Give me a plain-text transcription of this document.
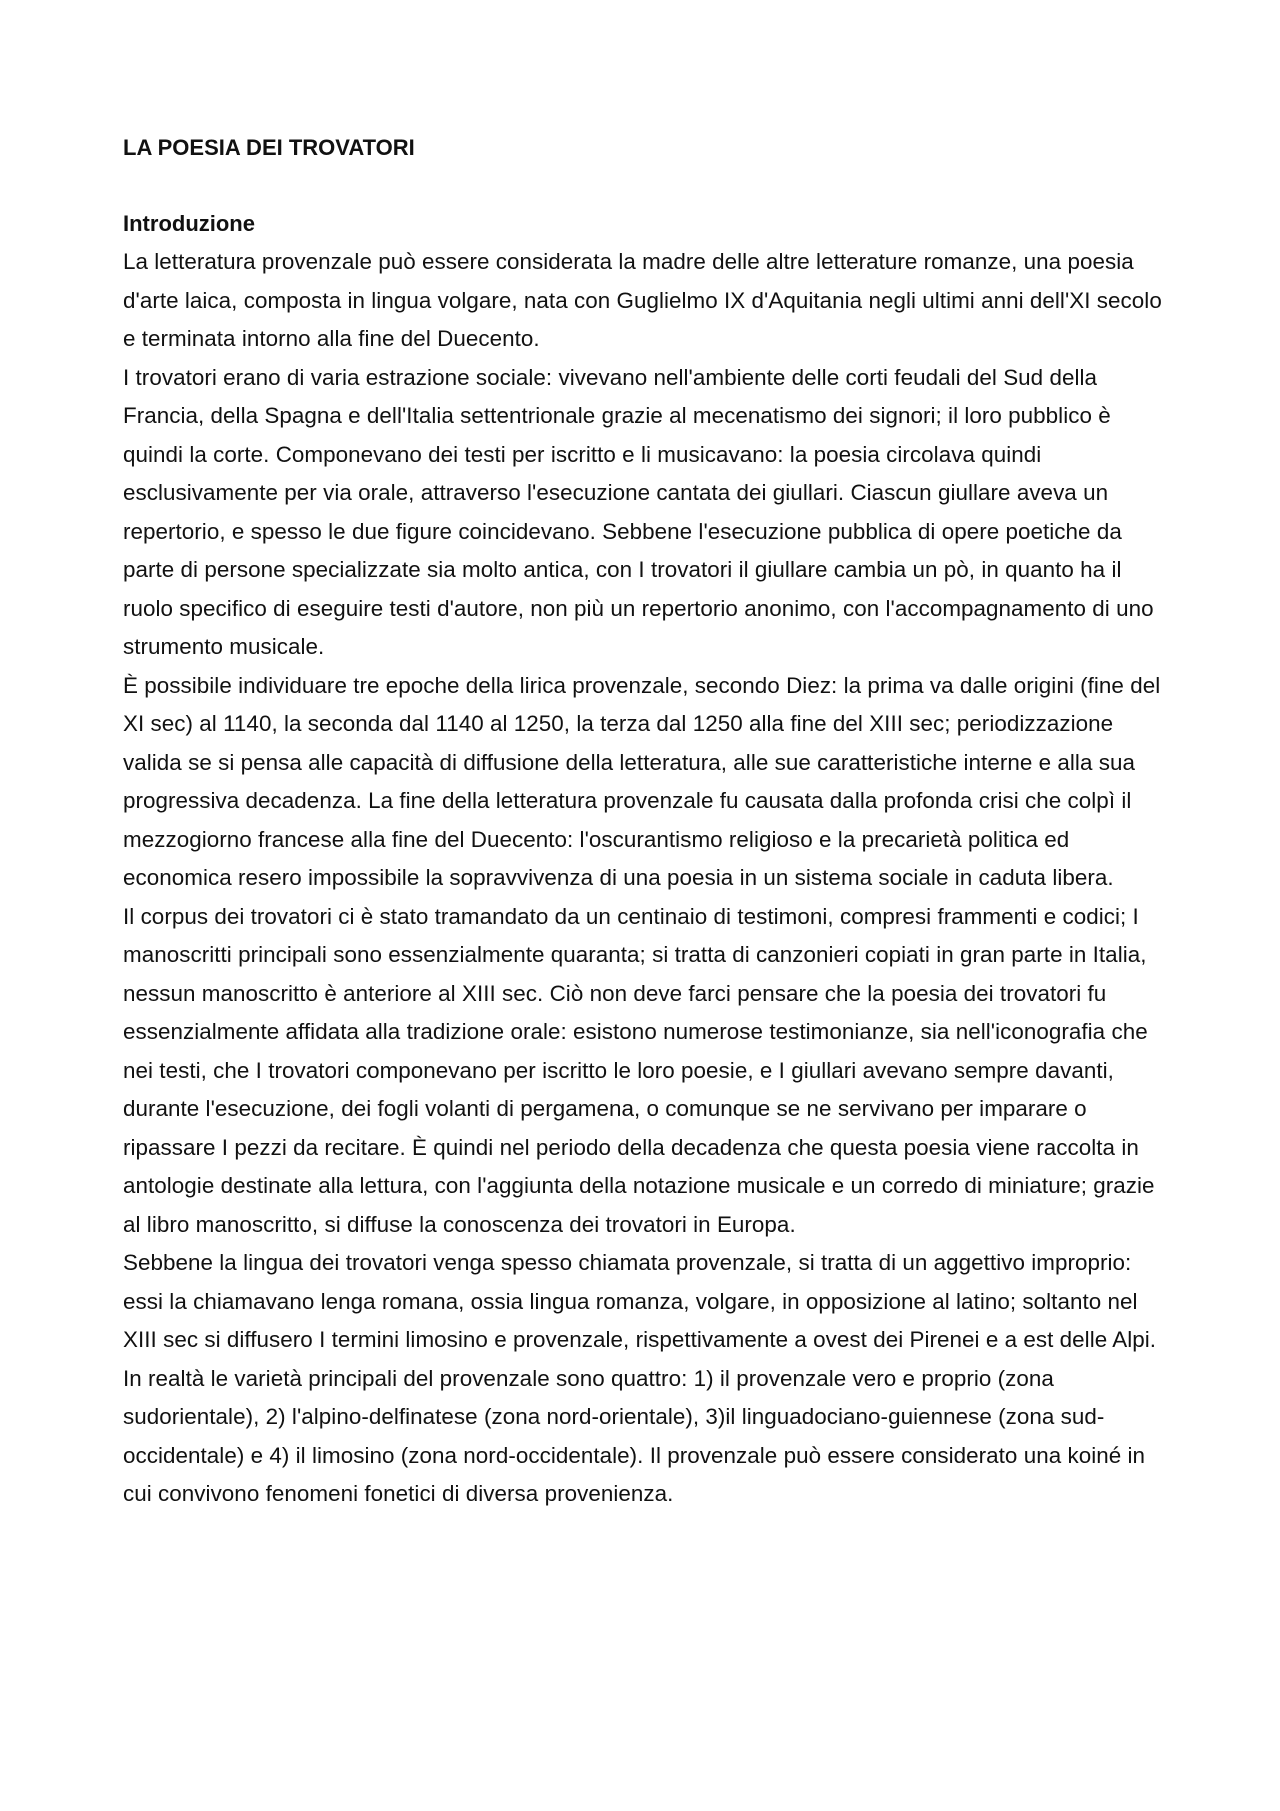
LA POESIA DEI TROVATORI
Introduzione

La letteratura provenzale può essere considerata la madre delle altre letterature romanze, una poesia d'arte laica, composta in lingua volgare, nata con Guglielmo IX d'Aquitania negli ultimi anni dell'XI secolo e terminata intorno alla fine del Duecento.

I trovatori erano di varia estrazione sociale: vivevano nell'ambiente delle corti feudali del Sud della Francia, della Spagna e dell'Italia settentrionale grazie al mecenatismo dei signori; il loro pubblico è quindi la corte. Componevano dei testi per iscritto e li musicavano: la poesia circolava quindi esclusivamente per via orale, attraverso l'esecuzione cantata dei giullari. Ciascun giullare aveva un repertorio, e spesso le due figure coincidevano. Sebbene l'esecuzione pubblica di opere poetiche da parte di persone specializzate sia molto antica, con I trovatori il giullare cambia un pò, in quanto ha il ruolo specifico di eseguire testi d'autore, non più un repertorio anonimo, con l'accompagnamento di uno strumento musicale.

È possibile individuare tre epoche della lirica provenzale, secondo Diez: la prima va dalle origini (fine del XI sec) al 1140, la seconda dal 1140 al 1250, la terza dal 1250 alla fine del XIII sec; periodizzazione valida se si pensa alle capacità di diffusione della letteratura, alle sue caratteristiche interne e alla sua progressiva decadenza. La fine della letteratura provenzale fu causata dalla profonda crisi che colpì il mezzogiorno francese alla fine del Duecento: l'oscurantismo religioso e la precarietà politica ed economica resero impossibile la sopravvivenza di una poesia in un sistema sociale in caduta libera.

Il corpus dei trovatori ci è stato tramandato da un centinaio di testimoni, compresi frammenti e codici; I manoscritti principali sono essenzialmente quaranta; si tratta di canzonieri copiati in gran parte in Italia, nessun manoscritto è anteriore al XIII sec. Ciò non deve farci pensare che la poesia dei trovatori fu essenzialmente affidata alla tradizione orale: esistono numerose testimonianze, sia nell'iconografia che nei testi, che I trovatori componevano per iscritto le loro poesie, e I giullari avevano sempre davanti, durante l'esecuzione, dei fogli volanti di pergamena, o comunque se ne servivano per imparare o ripassare I pezzi da recitare. È quindi nel periodo della decadenza che questa poesia viene raccolta in antologie destinate alla lettura, con l'aggiunta della notazione musicale e un corredo di miniature; grazie al libro manoscritto, si diffuse la conoscenza dei trovatori in Europa.

Sebbene la lingua dei trovatori venga spesso chiamata provenzale, si tratta di un aggettivo improprio: essi la chiamavano lenga romana, ossia lingua romanza, volgare, in opposizione al latino; soltanto nel XIII sec si diffusero I termini limosino e provenzale, rispettivamente a ovest dei Pirenei e a est delle Alpi. In realtà le varietà principali del provenzale sono quattro: 1) il provenzale vero e proprio (zona sudorientale), 2) l'alpino-delfinatese (zona nord-orientale), 3)il linguadociano-guiennese (zona sud-occidentale) e 4) il limosino (zona nord-occidentale). Il provenzale può essere considerato una koiné in cui convivono fenomeni fonetici di diversa provenienza.
